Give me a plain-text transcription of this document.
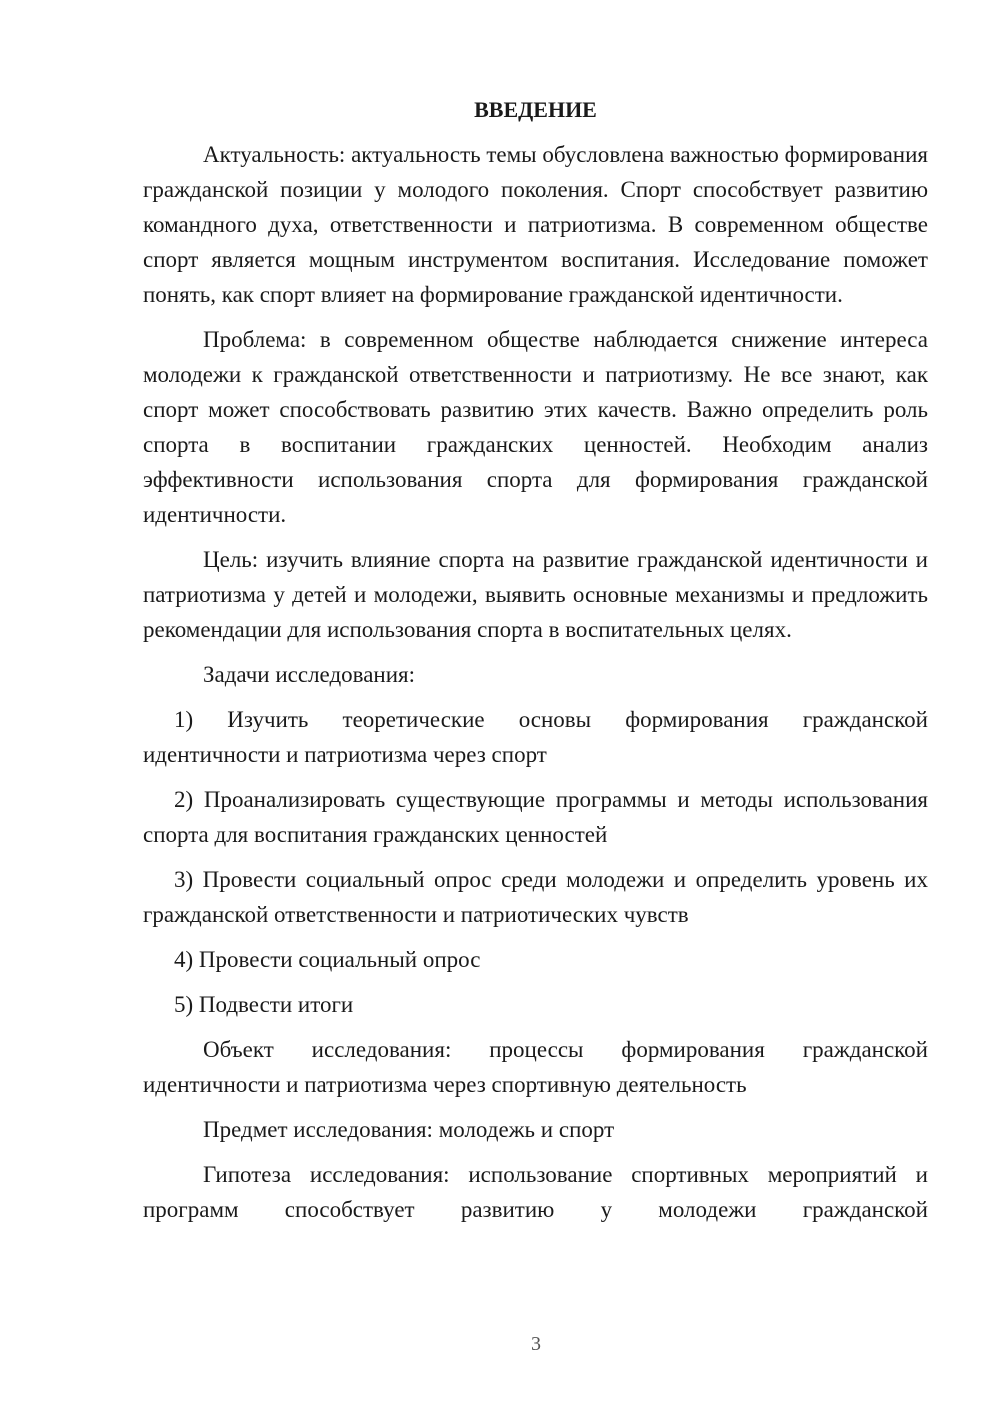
ВВЕДЕНИЕ

Актуальность: актуальность темы обусловлена важностью формирования гражданской позиции у молодого поколения. Спорт способствует развитию командного духа, ответственности и патриотизма. В современном обществе спорт является мощным инструментом воспитания. Исследование поможет понять, как спорт влияет на формирование гражданской идентичности.

Проблема: в современном обществе наблюдается снижение интереса молодежи к гражданской ответственности и патриотизму. Не все знают, как спорт может способствовать развитию этих качеств. Важно определить роль спорта в воспитании гражданских ценностей. Необходим анализ эффективности использования спорта для формирования гражданской идентичности.

Цель: изучить влияние спорта на развитие гражданской идентичности и патриотизма у детей и молодежи, выявить основные механизмы и предложить рекомендации для использования спорта в воспитательных целях.

Задачи исследования:

1) Изучить теоретические основы формирования гражданской идентичности и патриотизма через спорт

2) Проанализировать существующие программы и методы использования спорта для воспитания гражданских ценностей

3) Провести социальный опрос среди молодежи и определить уровень их гражданской ответственности и патриотических чувств

4) Провести социальный опрос

5) Подвести итоги

Объект исследования: процессы формирования гражданской идентичности и патриотизма через спортивную деятельность

Предмет исследования: молодежь и спорт

Гипотеза исследования: использование спортивных мероприятий и программ способствует развитию у молодежи гражданской

3
